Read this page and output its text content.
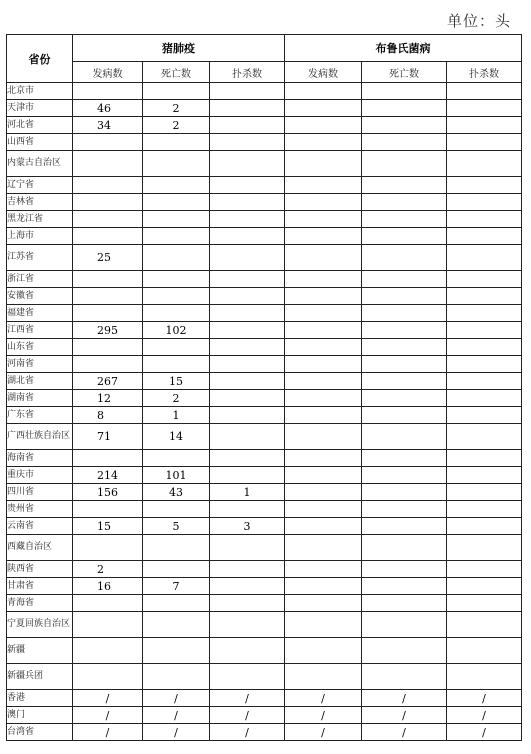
单位：头
省份	猪肺疫			布鲁氏菌病		
	发病数	死亡数	扑杀数	发病数	死亡数	扑杀数
北京市						
天津市	46	2				
河北省	34	2				
山西省						
内蒙古自治区						
辽宁省						
吉林省						
黑龙江省						
上海市						
江苏省	25					
浙江省						
安徽省						
福建省						
江西省	295	102				
山东省						
河南省						
湖北省	267	15				
湖南省	12	2				
广东省	8	1				
广西壮族自治区	71	14				
海南省						
重庆市	214	101				
四川省	156	43	1			
贵州省						
云南省	15	5	3			
西藏自治区						
陕西省	2					
甘肃省	16	7				
青海省						
宁夏回族自治区						
新疆						
新疆兵团						
香港	/	/	/	/	/	/
澳门	/	/	/	/	/	/
台湾省	/	/	/	/	/	/
